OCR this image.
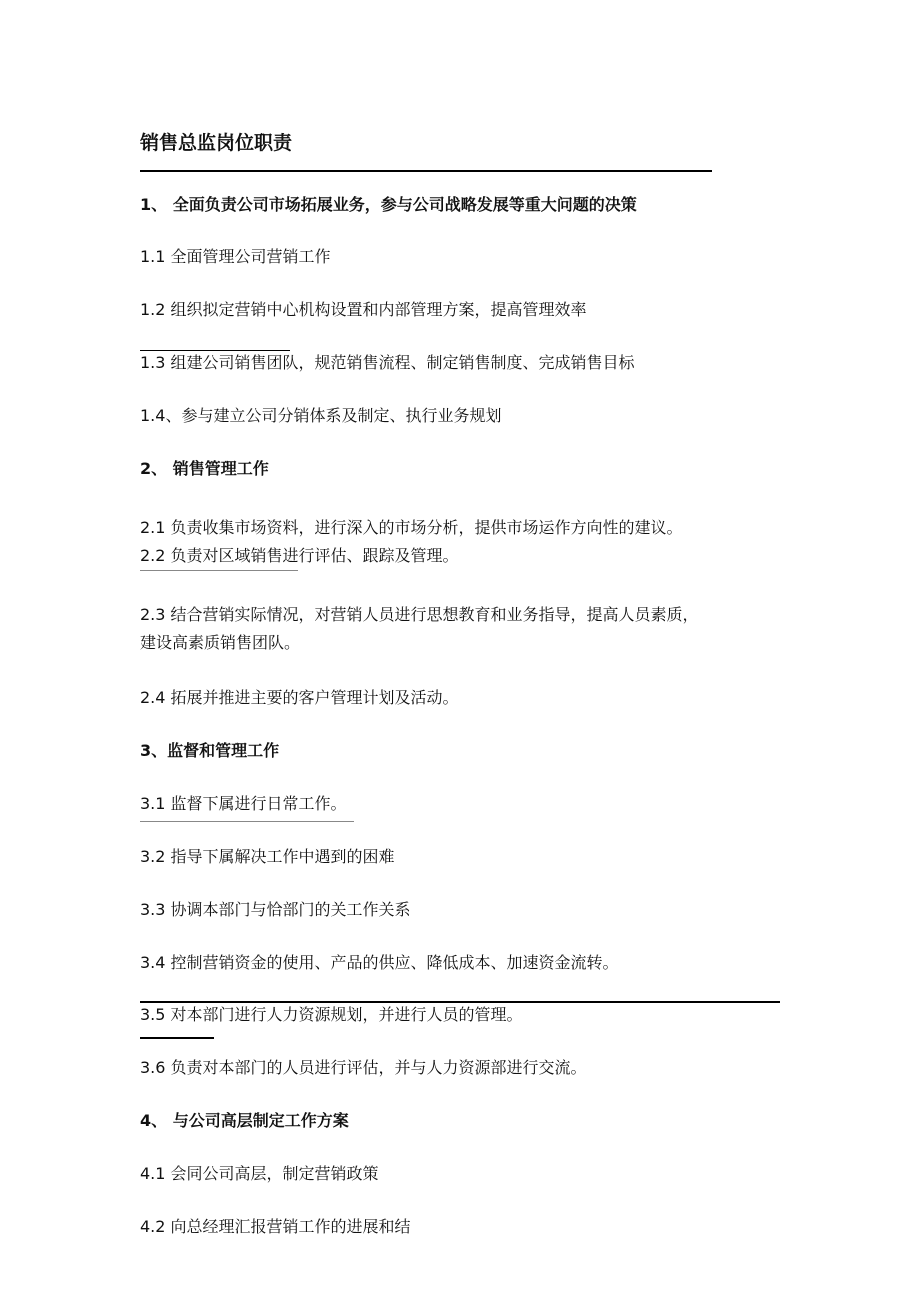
销售总监岗位职责
1、 全面负责公司市场拓展业务，参与公司战略发展等重大问题的决策
1.1 全面管理公司营销工作
1.2 组织拟定营销中心机构设置和内部管理方案，提高管理效率
1.3 组建公司销售团队，规范销售流程、制定销售制度、完成销售目标
1.4、参与建立公司分销体系及制定、执行业务规划
2、 销售管理工作
2.1 负责收集市场资料，进行深入的市场分析，提供市场运作方向性的建议。
2.2 负责对区域销售进行评估、跟踪及管理。
2.3 结合营销实际情况，对营销人员进行思想教育和业务指导，提高人员素质，
建设高素质销售团队。
2.4 拓展并推进主要的客户管理计划及活动。
3、监督和管理工作
3.1 监督下属进行日常工作。
3.2 指导下属解决工作中遇到的困难
3.3 协调本部门与恰部门的关工作关系
3.4 控制营销资金的使用、产品的供应、降低成本、加速资金流转。
3.5 对本部门进行人力资源规划，并进行人员的管理。
3.6 负责对本部门的人员进行评估，并与人力资源部进行交流。
4、 与公司高层制定工作方案
4.1 会同公司高层，制定营销政策
4.2 向总经理汇报营销工作的进展和结
